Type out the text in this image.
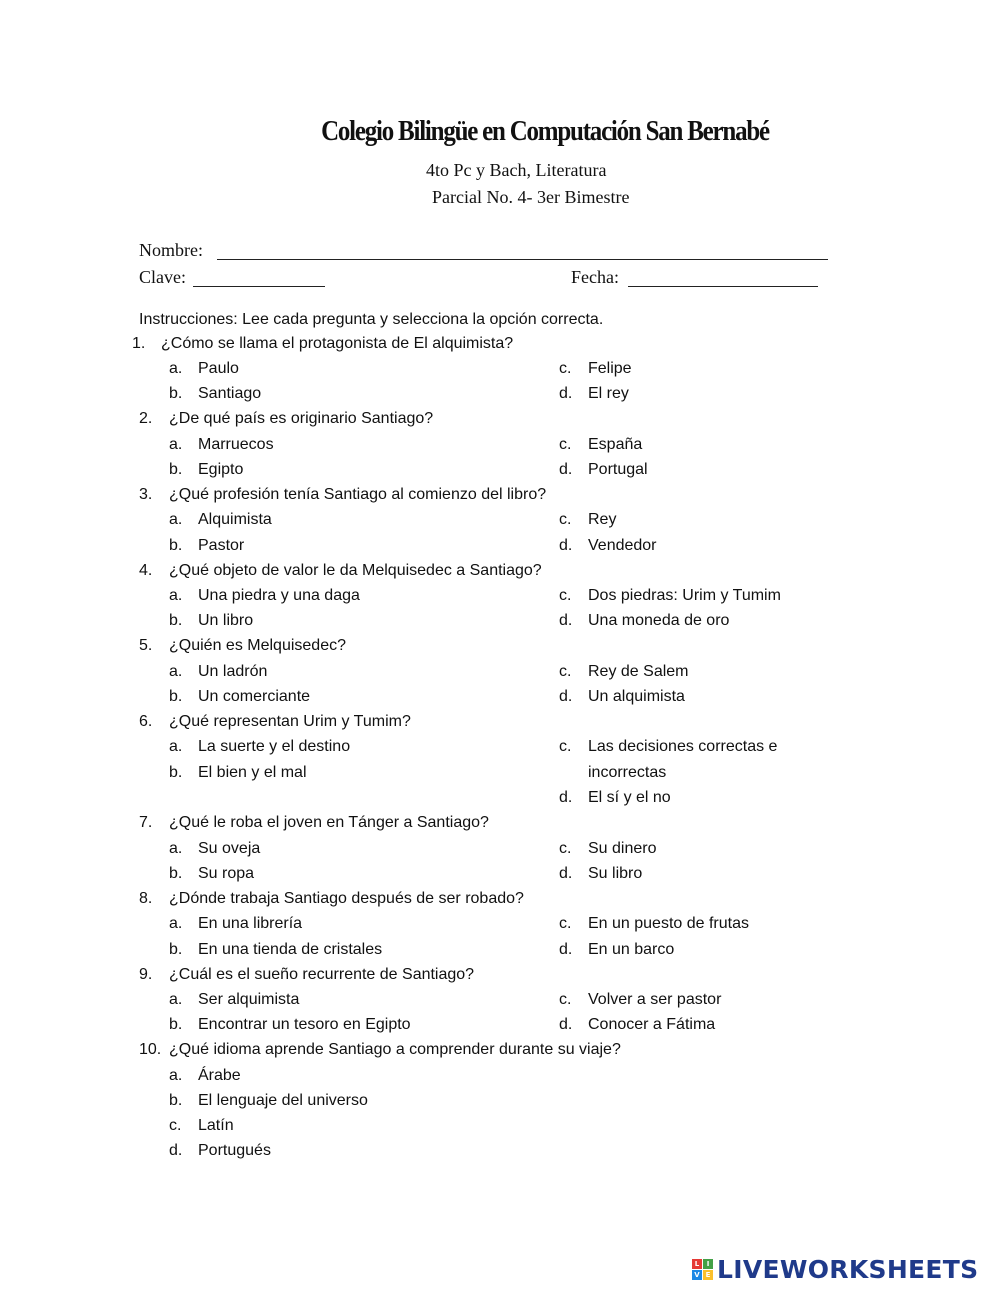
Colegio Bilingüe en Computación San Bernabé
4to Pc y Bach, Literatura
Parcial No. 4- 3er Bimestre
Nombre:
Clave:	Fecha:
Instrucciones: Lee cada pregunta y selecciona la opción correcta.
1. ¿Cómo se llama el protagonista de El alquimista?
a. Paulo
b. Santiago
c. Felipe
d. El rey
2. ¿De qué país es originario Santiago?
a. Marruecos
b. Egipto
c. España
d. Portugal
3. ¿Qué profesión tenía Santiago al comienzo del libro?
a. Alquimista
b. Pastor
c. Rey
d. Vendedor
4. ¿Qué objeto de valor le da Melquisedec a Santiago?
a. Una piedra y una daga
b. Un libro
c. Dos piedras: Urim y Tumim
d. Una moneda de oro
5. ¿Quién es Melquisedec?
a. Un ladrón
b. Un comerciante
c. Rey de Salem
d. Un alquimista
6. ¿Qué representan Urim y Tumim?
a. La suerte y el destino
b. El bien y el mal
c. Las decisiones correctas e
incorrectas
d. El sí y el no
7. ¿Qué le roba el joven en Tánger a Santiago?
a. Su oveja
b. Su ropa
c. Su dinero
d. Su libro
8. ¿Dónde trabaja Santiago después de ser robado?
a. En una librería
b. En una tienda de cristales
c. En un puesto de frutas
d. En un barco
9. ¿Cuál es el sueño recurrente de Santiago?
a. Ser alquimista
b. Encontrar un tesoro en Egipto
c. Volver a ser pastor
d. Conocer a Fátima
10. ¿Qué idioma aprende Santiago a comprender durante su viaje?
a. Árabe
b. El lenguaje del universo
c. Latín
d. Portugués
L	I
V E LIVEWORKSHEETS
